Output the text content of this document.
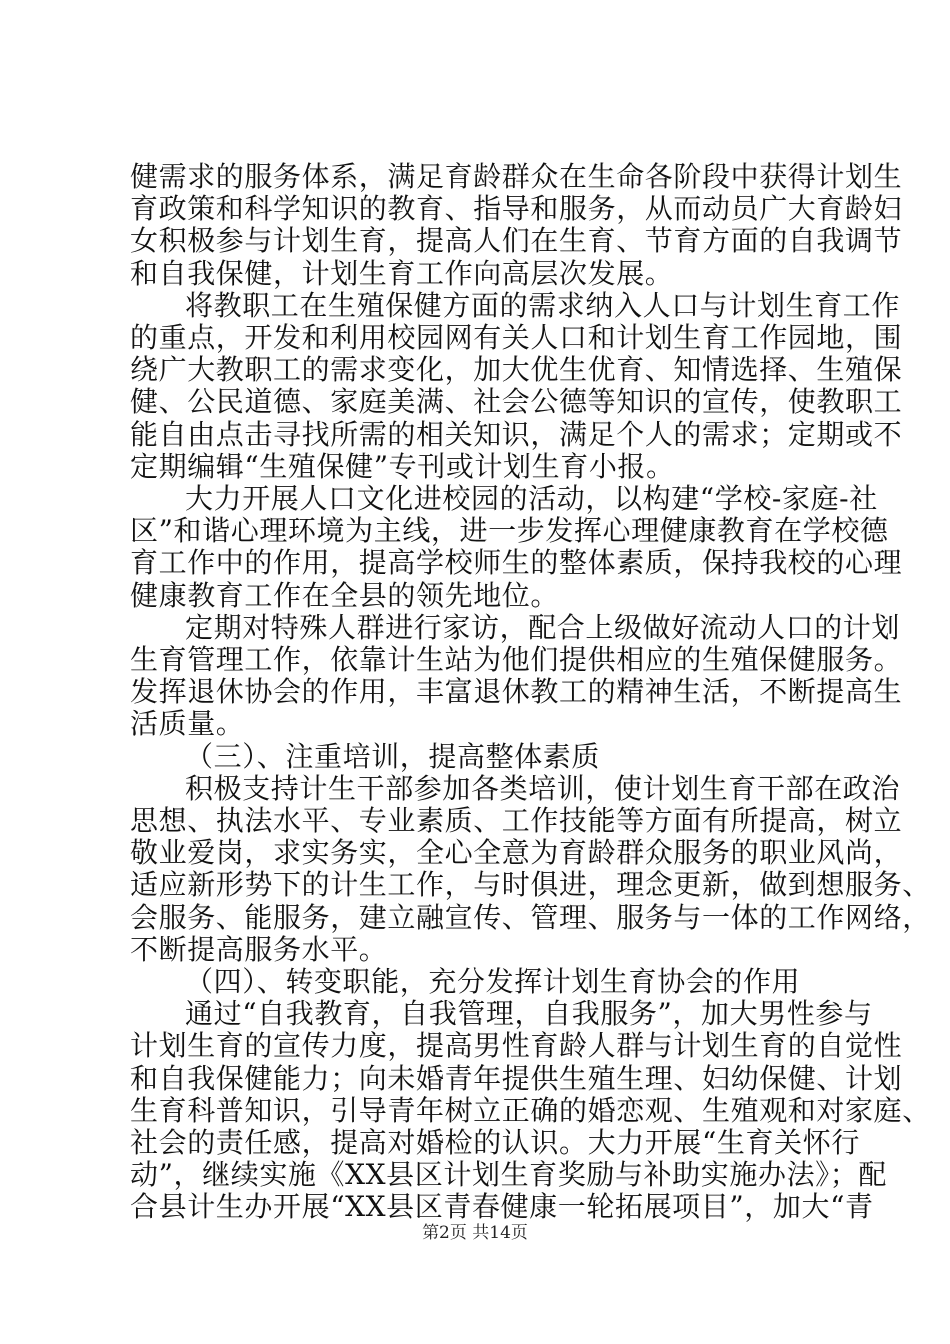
健需求的服务体系，满足育龄群众在生命各阶段中获得计划生
育政策和科学知识的教育、指导和服务，从而动员广大育龄妇
女积极参与计划生育，提高人们在生育、节育方面的自我调节
和自我保健，计划生育工作向高层次发展。
将教职工在生殖保健方面的需求纳入人口与计划生育工作
的重点，开发和利用校园网有关人口和计划生育工作园地，围
绕广大教职工的需求变化，加大优生优育、知情选择、生殖保
健、公民道德、家庭美满、社会公德等知识的宣传，使教职工
能自由点击寻找所需的相关知识，满足个人的需求；定期或不
定期编辑“生殖保健”专刊或计划生育小报。
大力开展人口文化进校园的活动，以构建“学校-家庭-社
区”和谐心理环境为主线，进一步发挥心理健康教育在学校德
育工作中的作用，提高学校师生的整体素质，保持我校的心理
健康教育工作在全县的领先地位。
定期对特殊人群进行家访，配合上级做好流动人口的计划
生育管理工作，依靠计生站为他们提供相应的生殖保健服务。
发挥退休协会的作用，丰富退休教工的精神生活，不断提高生
活质量。
（三）、注重培训，提高整体素质
积极支持计生干部参加各类培训，使计划生育干部在政治
思想、执法水平、专业素质、工作技能等方面有所提高，树立
敬业爱岗，求实务实，全心全意为育龄群众服务的职业风尚，
适应新形势下的计生工作，与时俱进，理念更新，做到想服务、
会服务、能服务，建立融宣传、管理、服务与一体的工作网络，
不断提高服务水平。
（四）、转变职能，充分发挥计划生育协会的作用
通过“自我教育，自我管理，自我服务”，加大男性参与
计划生育的宣传力度，提高男性育龄人群与计划生育的自觉性
和自我保健能力；向未婚青年提供生殖生理、妇幼保健、计划
生育科普知识，引导青年树立正确的婚恋观、生殖观和对家庭、
社会的责任感，提高对婚检的认识。大力开展“生育关怀行
动”，继续实施《XX县区计划生育奖励与补助实施办法》；配
合县计生办开展“XX县区青春健康一轮拓展项目”，加大“青
第2页 共14页
